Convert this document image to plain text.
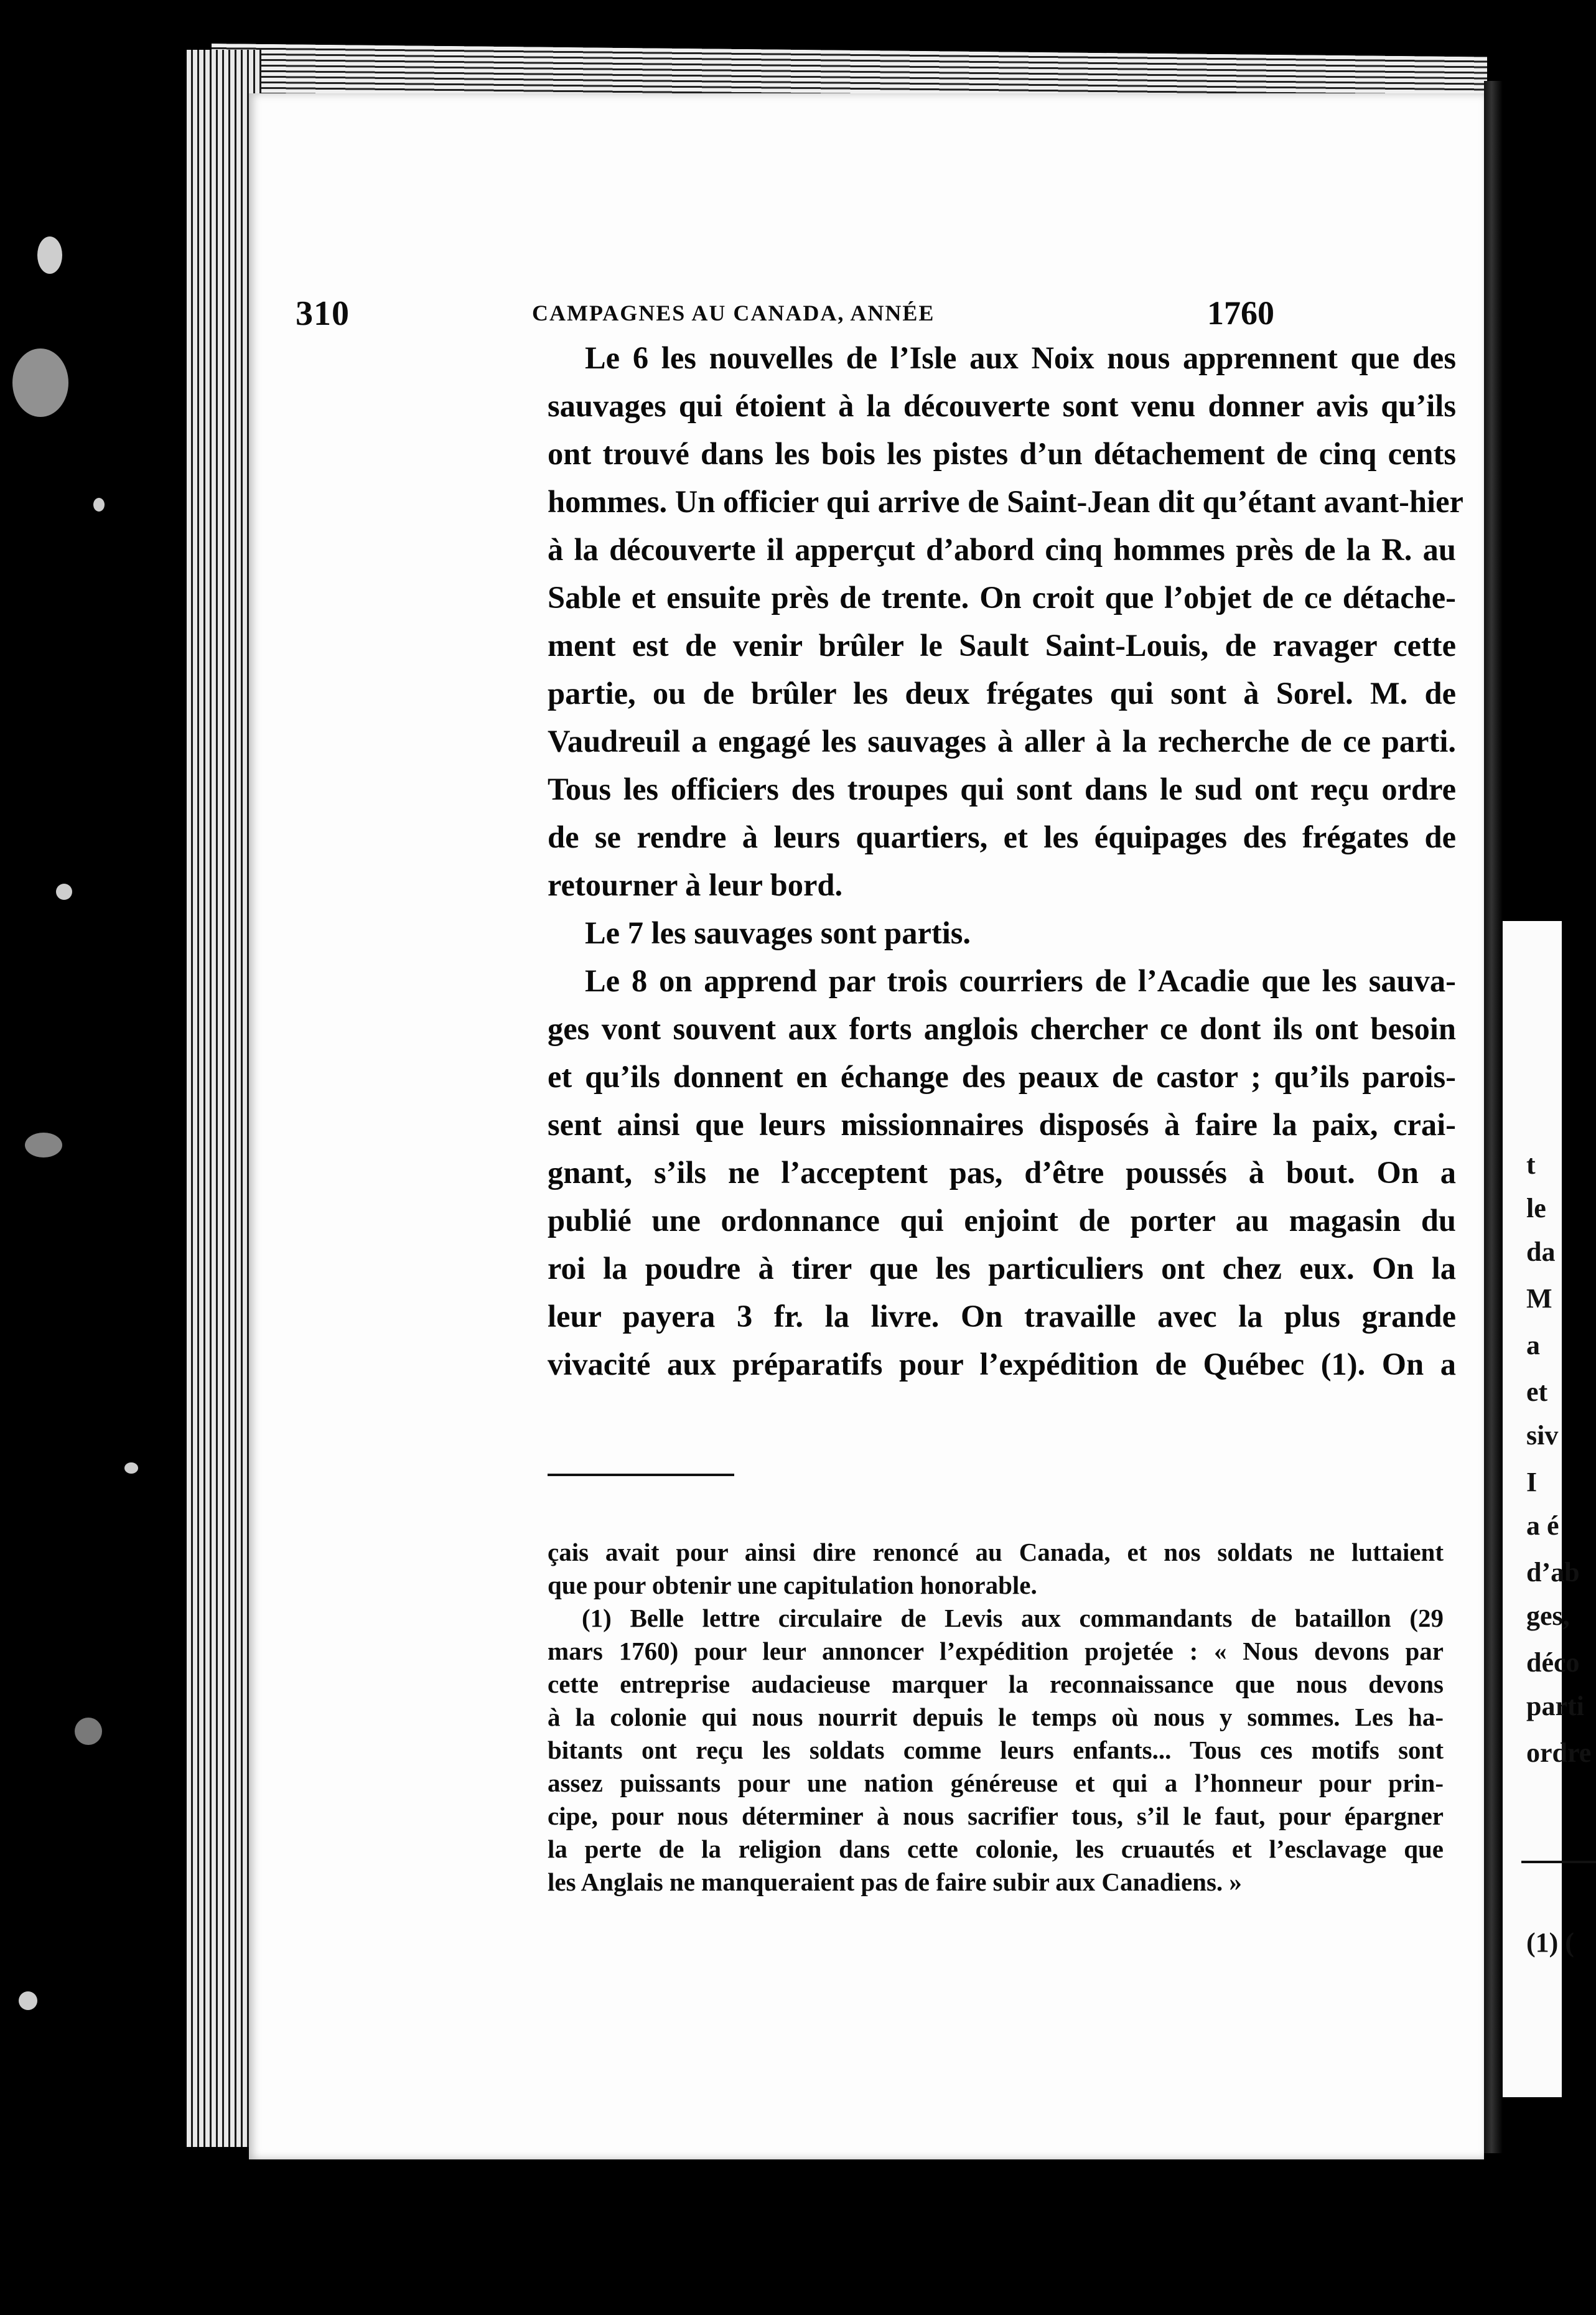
t
le
da
M
a
et
siv
I
a é
d’ab
ges,
déco
parti
ordre
(1) (
310	CAMPAGNES AU CANADA, ANNÉE	1760
Le 6 les nouvelles de l’Isle aux Noix nous apprennent que des
sauvages qui étoient à la découverte sont venu donner avis qu’ils
ont trouvé dans les bois les pistes d’un détachement de cinq cents
hommes. Un officier qui arrive de Saint-Jean dit qu’étant avant-hier
à la découverte il apperçut d’abord cinq hommes près de la R. au
Sable et ensuite près de trente. On croit que l’objet de ce détache-
ment est de venir brûler le Sault Saint-Louis, de ravager cette
partie, ou de brûler les deux frégates qui sont à Sorel. M. de
Vaudreuil a engagé les sauvages à aller à la recherche de ce parti.
Tous les officiers des troupes qui sont dans le sud ont reçu ordre
de se rendre à leurs quartiers, et les équipages des frégates de
retourner à leur bord.
Le 7 les sauvages sont partis.
Le 8 on apprend par trois courriers de l’Acadie que les sauva-
ges vont souvent aux forts anglois chercher ce dont ils ont besoin
et qu’ils donnent en échange des peaux de castor ; qu’ils parois-
sent ainsi que leurs missionnaires disposés à faire la paix, crai-
gnant, s’ils ne l’acceptent pas, d’être poussés à bout. On a
publié une ordonnance qui enjoint de porter au magasin du
roi la poudre à tirer que les particuliers ont chez eux. On la
leur payera 3 fr. la livre. On travaille avec la plus grande
vivacité aux préparatifs pour l’expédition de Québec (1). On a
çais avait pour ainsi dire renoncé au Canada, et nos soldats ne luttaient
que pour obtenir une capitulation honorable.
(1) Belle lettre circulaire de Levis aux commandants de bataillon (29
mars 1760) pour leur annoncer l’expédition projetée : « Nous devons par
cette entreprise audacieuse marquer la reconnaissance que nous devons
à la colonie qui nous nourrit depuis le temps où nous y sommes. Les ha-
bitants ont reçu les soldats comme leurs enfants... Tous ces motifs sont
assez puissants pour une nation généreuse et qui a l’honneur pour prin-
cipe, pour nous déterminer à nous sacrifier tous, s’il le faut, pour épargner
la perte de la religion dans cette colonie, les cruautés et l’esclavage que
les Anglais ne manqueraient pas de faire subir aux Canadiens. »
